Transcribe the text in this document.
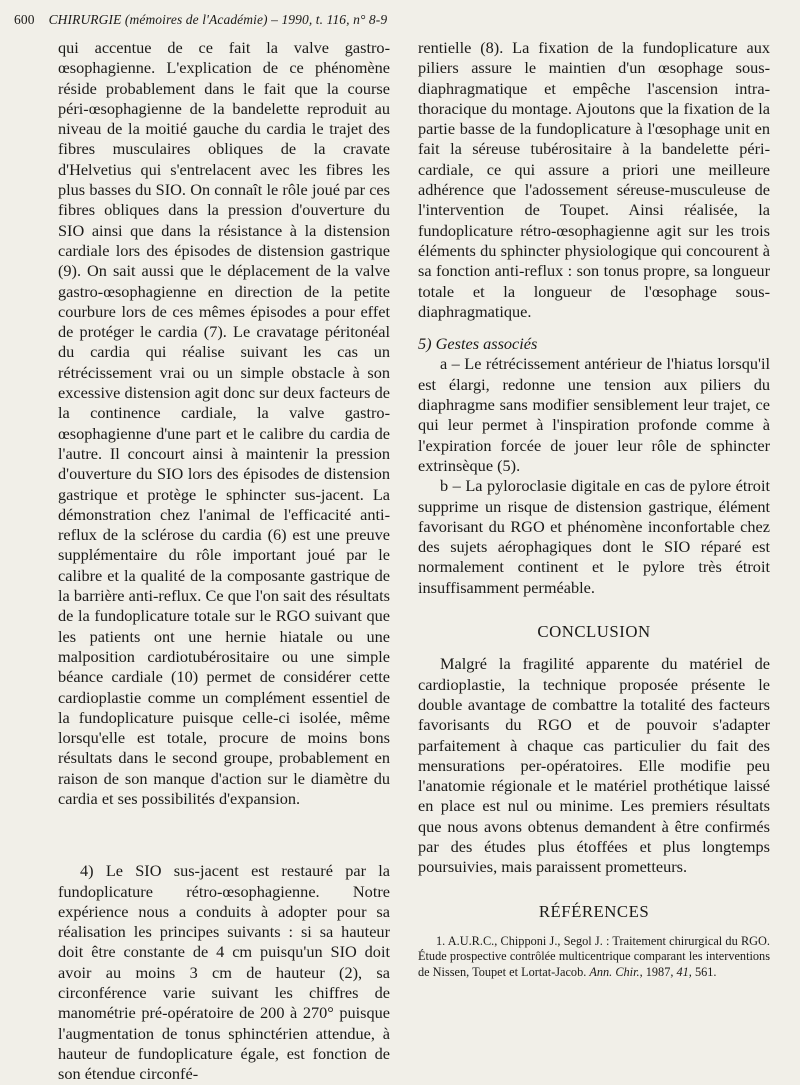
600 CHIRURGIE (mémoires de l'Académie) – 1990, t. 116, n° 8-9

qui accentue de ce fait la valve gastro-œsophagienne. L'explication de ce phénomène réside probablement dans le fait que la course péri-œsophagienne de la bandelette reproduit au niveau de la moitié gauche du cardia le trajet des fibres musculaires obliques de la cravate d'Helvetius qui s'entrelacent avec les fibres les plus basses du SIO. On connaît le rôle joué par ces fibres obliques dans la pression d'ouverture du SIO ainsi que dans la résistance à la distension cardiale lors des épisodes de distension gastrique (9). On sait aussi que le déplacement de la valve gastro-œsophagienne en direction de la petite courbure lors de ces mêmes épisodes a pour effet de protéger le cardia (7). Le cravatage péritonéal du cardia qui réalise suivant les cas un rétrécissement vrai ou un simple obstacle à son excessive distension agit donc sur deux facteurs de la continence cardiale, la valve gastro-œsophagienne d'une part et le calibre du cardia de l'autre. Il concourt ainsi à maintenir la pression d'ouverture du SIO lors des épisodes de distension gastrique et protège le sphincter sus-jacent. La démonstration chez l'animal de l'efficacité anti-reflux de la sclérose du cardia (6) est une preuve supplémentaire du rôle important joué par le calibre et la qualité de la composante gastrique de la barrière anti-reflux. Ce que l'on sait des résultats de la fundoplicature totale sur le RGO suivant que les patients ont une hernie hiatale ou une malposition cardiotubérositaire ou une simple béance cardiale (10) permet de considérer cette cardioplastie comme un complément essentiel de la fundoplicature puisque celle-ci isolée, même lorsqu'elle est totale, procure de moins bons résultats dans le second groupe, probablement en raison de son manque d'action sur le diamètre du cardia et ses possibilités d'expansion.

4) Le SIO sus-jacent est restauré par la fundoplicature rétro-œsophagienne. Notre expérience nous a conduits à adopter pour sa réalisation les principes suivants : si sa hauteur doit être constante de 4 cm puisqu'un SIO doit avoir au moins 3 cm de hauteur (2), sa circonférence varie suivant les chiffres de manométrie pré-opératoire de 200 à 270° puisque l'augmentation de tonus sphinctérien attendue, à hauteur de fundoplicature égale, est fonction de son étendue circonfé-

rentielle (8). La fixation de la fundoplicature aux piliers assure le maintien d'un œsophage sous-diaphragmatique et empêche l'ascension intra-thoracique du montage. Ajoutons que la fixation de la partie basse de la fundoplicature à l'œsophage unit en fait la séreuse tubérositaire à la bandelette péri-cardiale, ce qui assure a priori une meilleure adhérence que l'adossement séreuse-musculeuse de l'intervention de Toupet. Ainsi réalisée, la fundoplicature rétro-œsophagienne agit sur les trois éléments du sphincter physiologique qui concourent à sa fonction anti-reflux : son tonus propre, sa longueur totale et la longueur de l'œsophage sous-diaphragmatique.

5) Gestes associés

a – Le rétrécissement antérieur de l'hiatus lorsqu'il est élargi, redonne une tension aux piliers du diaphragme sans modifier sensiblement leur trajet, ce qui leur permet à l'inspiration profonde comme à l'expiration forcée de jouer leur rôle de sphincter extrinsèque (5).

b – La pyloroclasie digitale en cas de pylore étroit supprime un risque de distension gastrique, élément favorisant du RGO et phénomène inconfortable chez des sujets aérophagiques dont le SIO réparé est normalement continent et le pylore très étroit insuffisamment perméable.

CONCLUSION

Malgré la fragilité apparente du matériel de cardioplastie, la technique proposée présente le double avantage de combattre la totalité des facteurs favorisants du RGO et de pouvoir s'adapter parfaitement à chaque cas particulier du fait des mensurations per-opératoires. Elle modifie peu l'anatomie régionale et le matériel prothétique laissé en place est nul ou minime. Les premiers résultats que nous avons obtenus demandent à être confirmés par des études plus étoffées et plus longtemps poursuivies, mais paraissent prometteurs.

RÉFÉRENCES

1. A.U.R.C., Chipponi J., Segol J. : Traitement chirurgical du RGO. Étude prospective contrôlée multicentrique comparant les interventions de Nissen, Toupet et Lortat-Jacob. Ann. Chir., 1987, 41, 561.
